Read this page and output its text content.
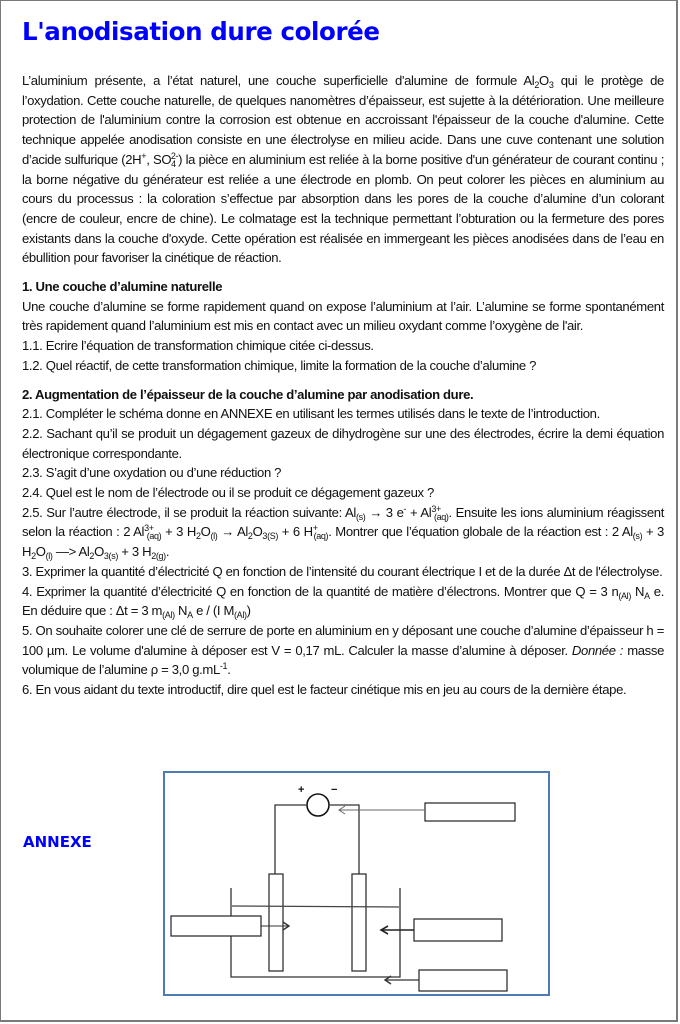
L'anodisation dure colorée

L’aluminium présente, a l’état naturel, une couche superficielle d'alumine de formule $Al_2O_3$ qui le protège de l’oxydation. Cette couche naturelle, de quelques nanomètres d’épaisseur, est sujette à la détérioration. Une meilleure protection de l'aluminium contre la corrosion est obtenue en accroissant l'épaisseur de la couche d'alumine. Cette technique appelée anodisation consiste en une électrolyse en milieu acide. Dans une cuve contenant une solution d’acide sulfurique (2H+, $SO_4^{2-}$) la pièce en aluminium est reliée à la borne positive d'un générateur de courant continu ; la borne négative du générateur est reliée a une électrode en plomb. On peut colorer les pièces en aluminium au cours du processus : la coloration s’effectue par absorption dans les pores de la couche d’alumine d’un colorant (encre de couleur, encre de chine). Le colmatage est la technique permettant l’obturation ou la fermeture des pores existants dans la couche d'oxyde. Cette opération est réalisée en immergeant les pièces anodisées dans de l’eau en ébullition pour favoriser la cinétique de réaction.

1. Une couche d’alumine naturelle

Une couche d’alumine se forme rapidement quand on expose l’aluminium at l’air. L’alumine se forme spontanément très rapidement quand l’aluminium est mis en contact avec un milieu oxydant comme l’oxygène de l'air.

1.1. Ecrire l’équation de transformation chimique citée ci-dessus.

1.2. Quel réactif, de cette transformation chimique, limite la formation de la couche d’alumine ?

2. Augmentation de l’épaisseur de la couche d’alumine par anodisation dure.

2.1. Compléter le schéma donne en ANNEXE en utilisant les termes utilisés dans le texte de l’introduction.

2.2. Sachant qu’il se produit un dégagement gazeux de dihydrogène sur une des électrodes, écrire la demi équation électronique correspondante.

2.3. S’agit d’une oxydation ou d’une réduction ?

2.4. Quel est le nom de l’électrode ou il se produit ce dégagement gazeux ?

2.5. Sur l’autre électrode, il se produit la réaction suivante: $Al_{(s)} \to 3$ $e^- + Al^{3+}_{(aq)}$. Ensuite les ions aluminium réagissent selon la réaction : 2 $Al^{3+}_{(aq)} + 3$ $H_2O_{(l)} \to Al_2O_{3(S)} + 6$ $H^+_{(aq)}$. Montrer que l’équation globale de la réaction est : 2 $Al_{(s)} + 3$ $H_2O_{(l)}$ —> $Al_2O_{3(s)} + 3$ $H_{2(g)}$.

3. Exprimer la quantité d’électricité Q en fonction de l’intensité du courant électrique I et de la durée Δt de l'électrolyse.

4. Exprimer la quantité d’électricité Q en fonction de la quantité de matière d’électrons. Montrer que Q = 3 $n_{(Al)}$ $N_A$ e. En déduire que : Δt = 3 $m_{(Al)}$ $N_A$ e / (I $M_{(Al)}$)

5. On souhaite colorer une clé de serrure de porte en aluminium en y déposant une couche d’alumine d’épaisseur h = 100 µm. Le volume d'alumine à déposer est V = 0,17 mL. Calculer la masse d’alumine à déposer. Donnée : masse volumique de l’alumine ρ = 3,0 $g.mL^{-1}$.

6. En vous aidant du texte introductif, dire quel est le facteur cinétique mis en jeu au cours de la dernière étape.

ANNEXE
+ −
